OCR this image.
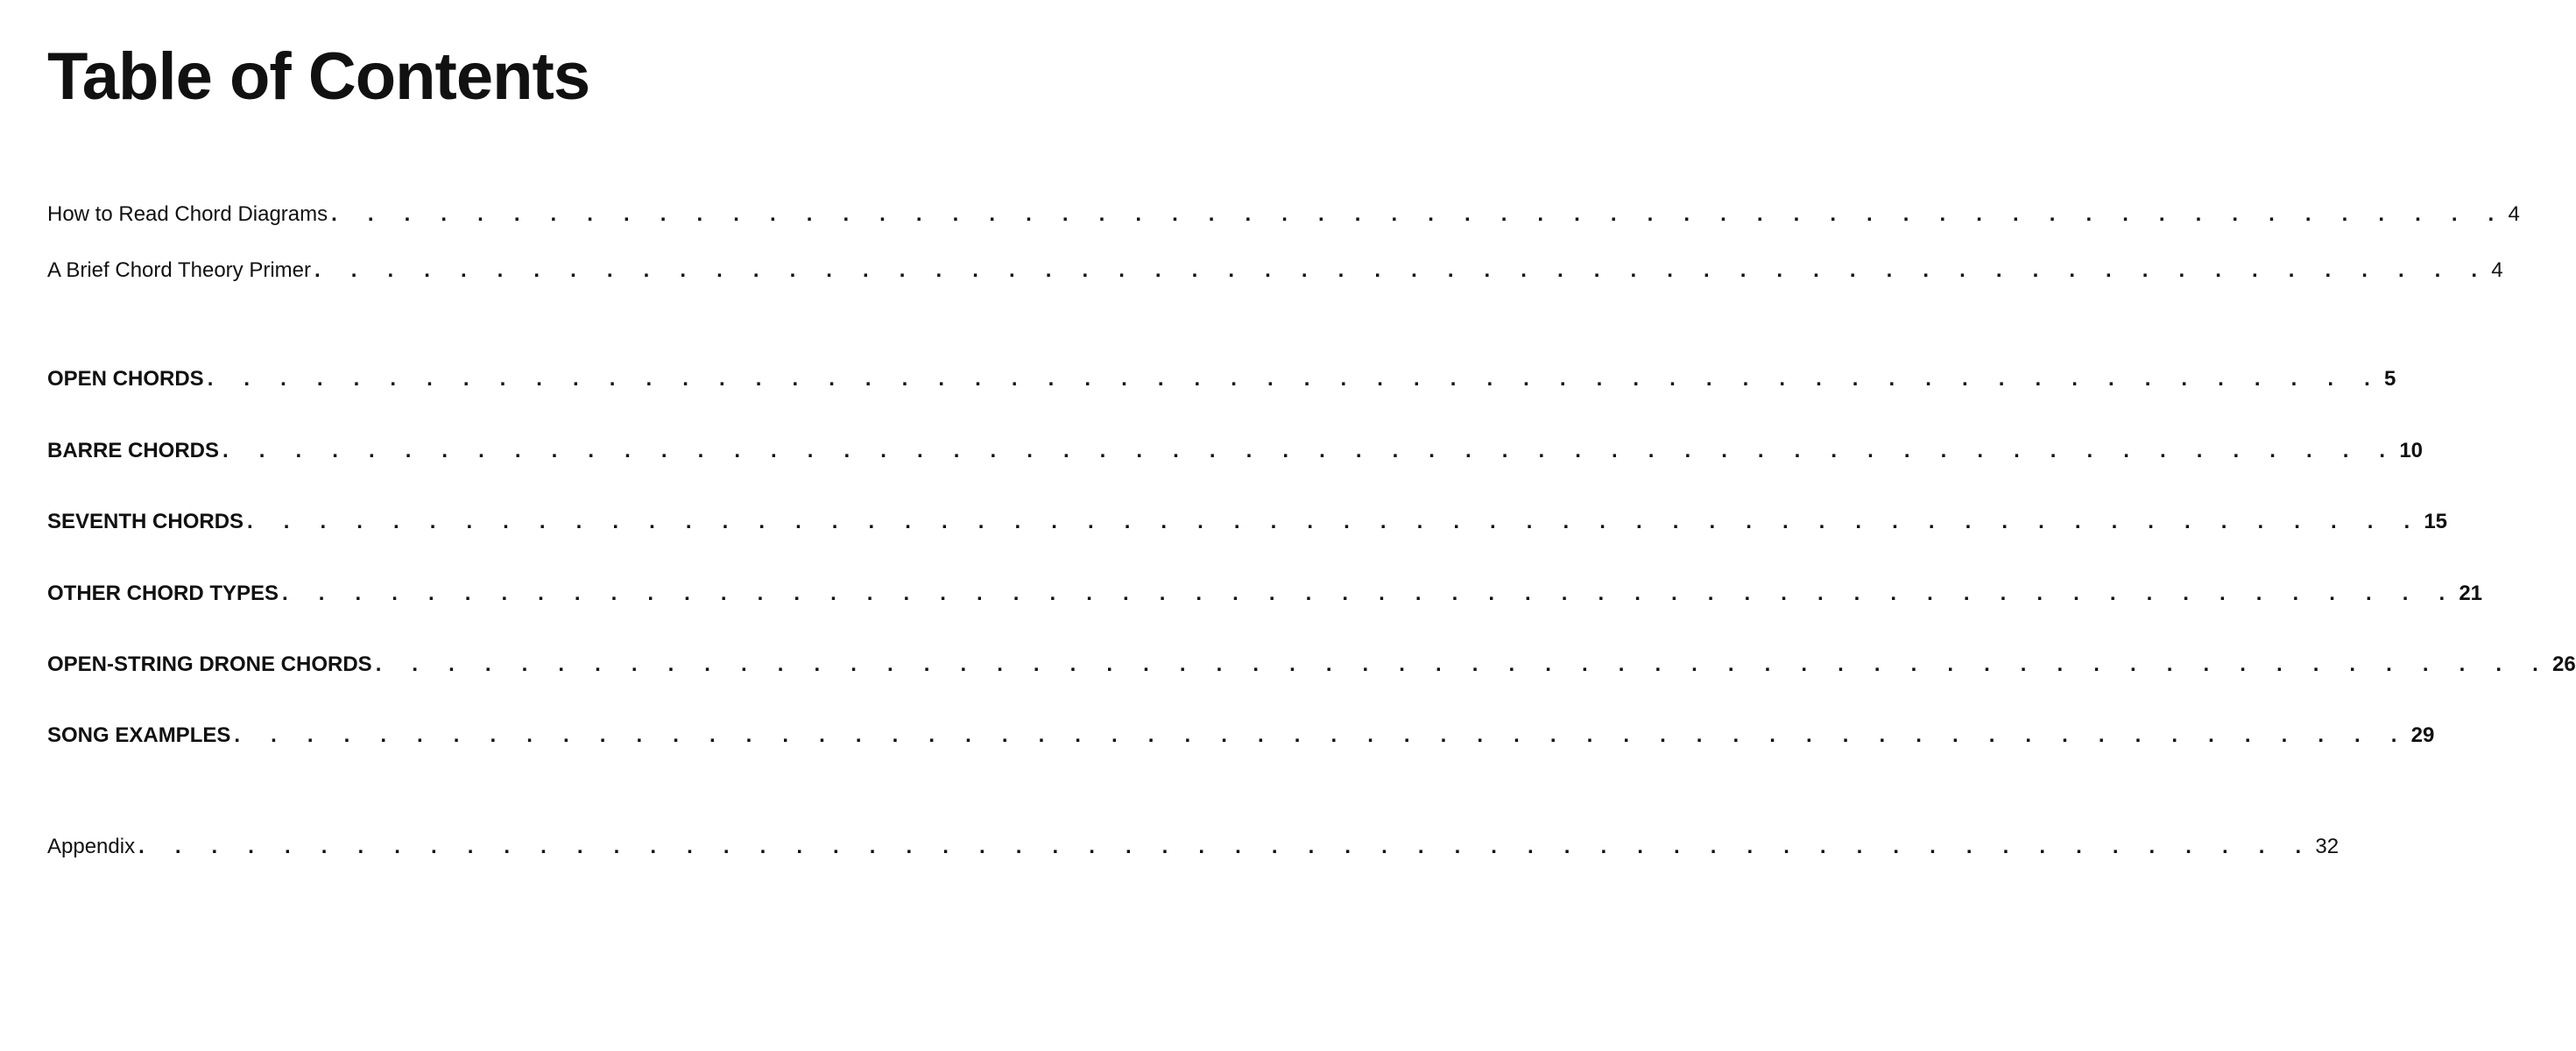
Table of Contents
How to Read Chord Diagrams . . . . . . . . . . . . . . . . . . . . . . . . . . . . . . . . . . . . . . . . . . . . . . . . . . . . . . . . . . . . 4
A Brief Chord Theory Primer . . . . . . . . . . . . . . . . . . . . . . . . . . . . . . . . . . . . . . . . . . . . . . . . . . . . . . . . . . . . 4
OPEN CHORDS . . . . . . . . . . . . . . . . . . . . . . . . . . . . . . . . . . . . . . . . . . . . . . . . . . . . . . . . . . . . 5
BARRE CHORDS . . . . . . . . . . . . . . . . . . . . . . . . . . . . . . . . . . . . . . . . . . . . . . . . . . . . . . . . . . . . 10
SEVENTH CHORDS . . . . . . . . . . . . . . . . . . . . . . . . . . . . . . . . . . . . . . . . . . . . . . . . . . . . . . . . . . . . 15
OTHER CHORD TYPES . . . . . . . . . . . . . . . . . . . . . . . . . . . . . . . . . . . . . . . . . . . . . . . . . . . . . . . . . . . . 21
OPEN-STRING DRONE CHORDS . . . . . . . . . . . . . . . . . . . . . . . . . . . . . . . . . . . . . . . . . . . . . . . . . . . . . . . . . . . . 26
SONG EXAMPLES . . . . . . . . . . . . . . . . . . . . . . . . . . . . . . . . . . . . . . . . . . . . . . . . . . . . . . . . . . . . 29
Appendix . . . . . . . . . . . . . . . . . . . . . . . . . . . . . . . . . . . . . . . . . . . . . . . . . . . . . . . . . . . . 32
